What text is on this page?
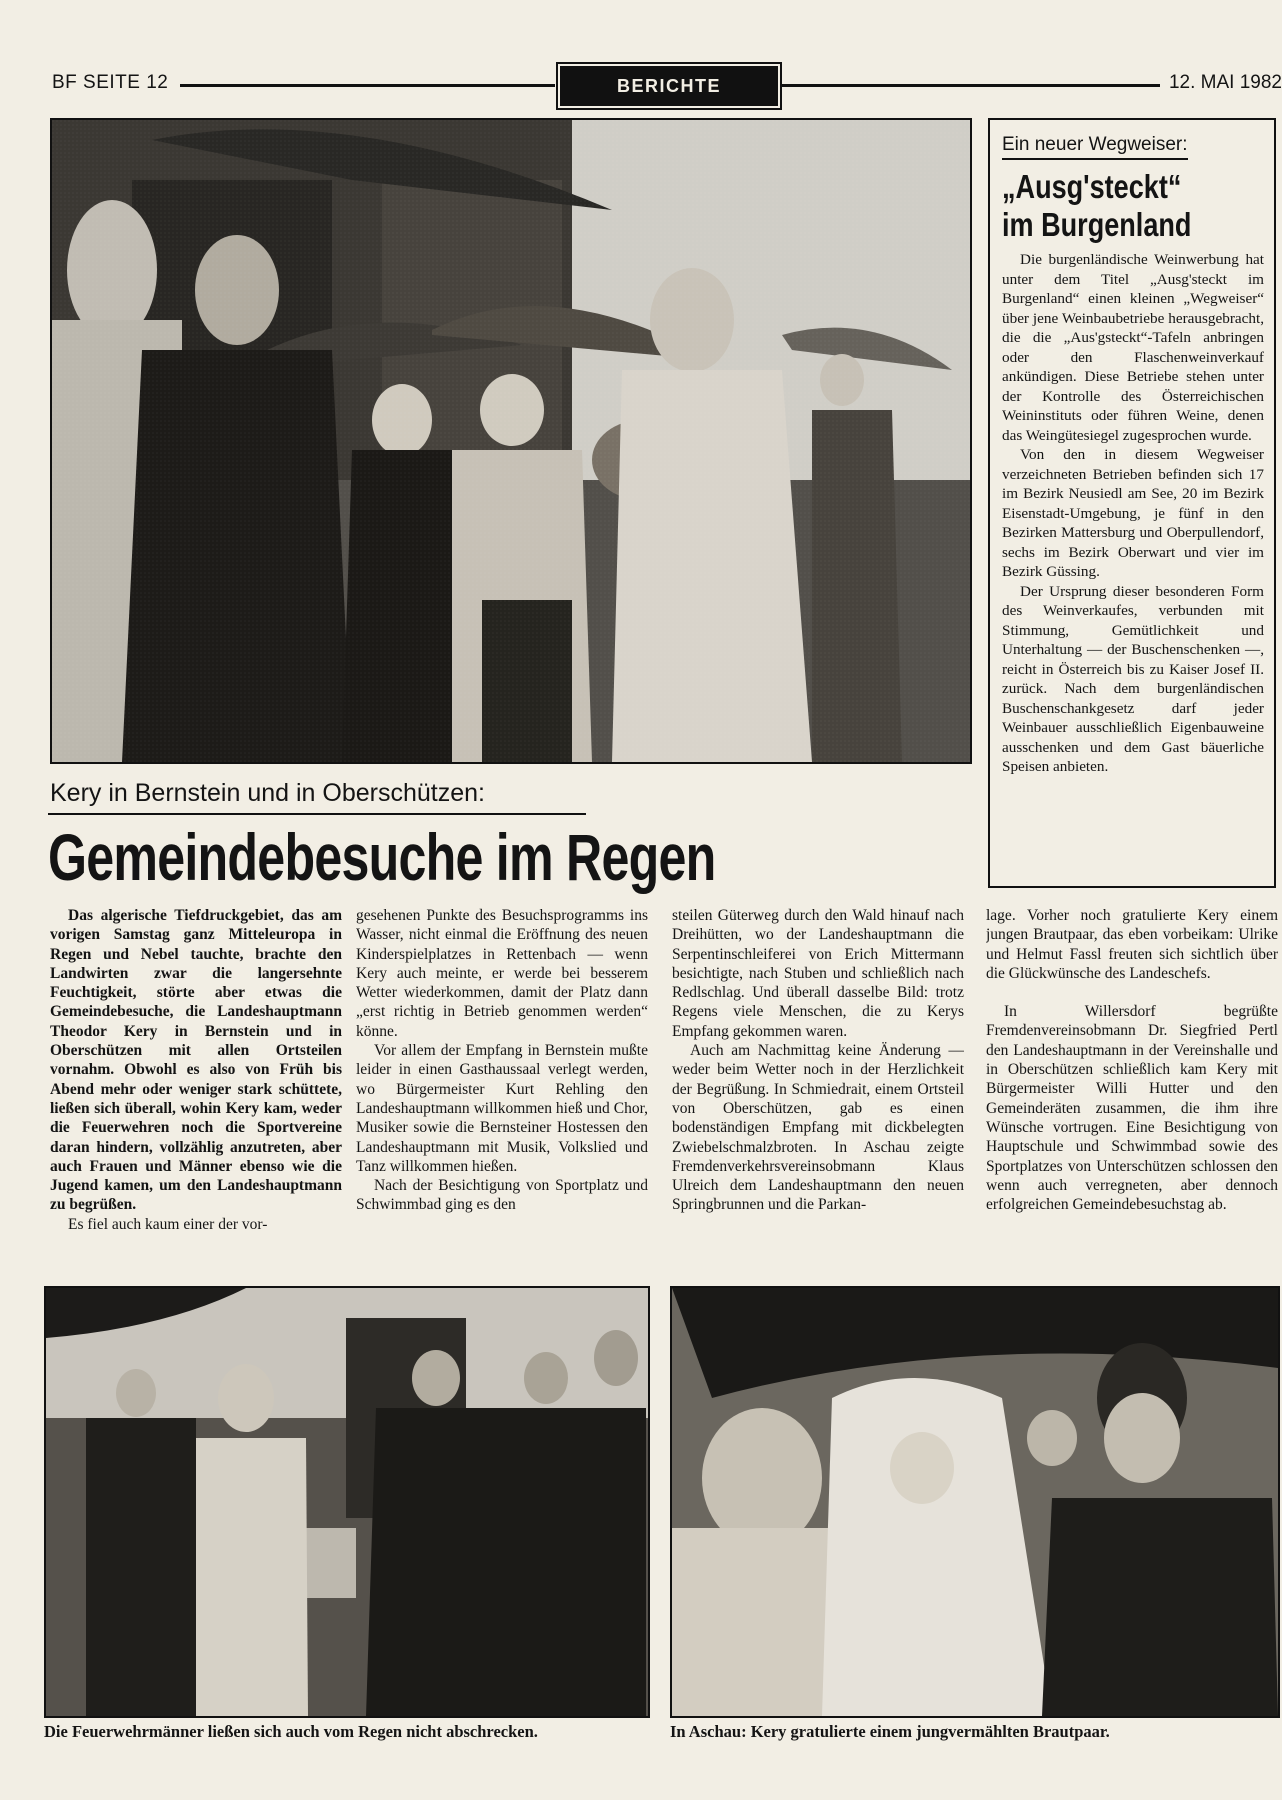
BF SEITE 12	BERICHTE	12. MAI 1982
Ein neuer Wegweiser:
„Ausg'steckt“
im Burgenland

Die burgenländische Weinwerbung hat unter dem Titel „Ausg'steckt im Burgenland“ einen kleinen „Wegweiser“ über jene Weinbaubetriebe herausgebracht, die die „Aus'gsteckt“-Tafeln anbringen oder den Flaschenweinverkauf ankündigen. Diese Betriebe stehen unter der Kontrolle des Österreichischen Weininstituts oder führen Weine, denen das Weingütesiegel zugesprochen wurde.

Von den in diesem Wegweiser verzeichneten Betrieben befinden sich 17 im Bezirk Neusiedl am See, 20 im Bezirk Eisenstadt-Umgebung, je fünf in den Bezirken Mattersburg und Oberpullendorf, sechs im Bezirk Oberwart und vier im Bezirk Güssing.

Der Ursprung dieser besonderen Form des Weinverkaufes, verbunden mit Stimmung, Gemütlichkeit und Unterhaltung — der Buschenschenken —, reicht in Österreich bis zu Kaiser Josef II. zurück. Nach dem burgenländischen Buschenschankgesetz darf jeder Weinbauer ausschließlich Eigenbauweine ausschenken und dem Gast bäuerliche Speisen anbieten.

Kery in Bernstein und in Oberschützen:
Gemeindebesuche im Regen

Das algerische Tiefdruckgebiet, das am vorigen Samstag ganz Mitteleuropa in Regen und Nebel tauchte, brachte den Landwirten zwar die langersehnte Feuchtigkeit, störte aber etwas die Gemeindebesuche, die Landeshauptmann Theodor Kery in Bernstein und in Oberschützen mit allen Ortsteilen vornahm. Obwohl es also von Früh bis Abend mehr oder weniger stark schüttete, ließen sich überall, wohin Kery kam, weder die Feuerwehren noch die Sportvereine daran hindern, vollzählig anzutreten, aber auch Frauen und Männer ebenso wie die Jugend kamen, um den Landeshauptmann zu begrüßen.

Es fiel auch kaum einer der vor-

gesehenen Punkte des Besuchsprogramms ins Wasser, nicht einmal die Eröffnung des neuen Kinderspielplatzes in Rettenbach — wenn Kery auch meinte, er werde bei besserem Wetter wiederkommen, damit der Platz dann „erst richtig in Betrieb genommen werden“ könne.

Vor allem der Empfang in Bernstein mußte leider in einen Gasthaussaal verlegt werden, wo Bürgermeister Kurt Rehling den Landeshauptmann willkommen hieß und Chor, Musiker sowie die Bernsteiner Hostessen den Landeshauptmann mit Musik, Volkslied und Tanz willkommen hießen.

Nach der Besichtigung von Sportplatz und Schwimmbad ging es den

steilen Güterweg durch den Wald hinauf nach Dreihütten, wo der Landeshauptmann die Serpentinschleiferei von Erich Mittermann besichtigte, nach Stuben und schließlich nach Redlschlag. Und überall dasselbe Bild: trotz Regens viele Menschen, die zu Kerys Empfang gekommen waren.

Auch am Nachmittag keine Änderung — weder beim Wetter noch in der Herzlichkeit der Begrüßung. In Schmiedrait, einem Ortsteil von Oberschützen, gab es einen bodenständigen Empfang mit dickbelegten Zwiebelschmalzbroten. In Aschau zeigte Fremdenverkehrsvereinsobmann Klaus Ulreich dem Landeshauptmann den neuen Springbrunnen und die Parkan-

lage. Vorher noch gratulierte Kery einem jungen Brautpaar, das eben vorbeikam: Ulrike und Helmut Fassl freuten sich sichtlich über die Glückwünsche des Landeschefs.

In Willersdorf begrüßte Fremdenvereinsobmann Dr. Siegfried Pertl den Landeshauptmann in der Vereinshalle und in Oberschützen schließlich kam Kery mit Bürgermeister Willi Hutter und den Gemeinderäten zusammen, die ihm ihre Wünsche vortrugen. Eine Besichtigung von Hauptschule und Schwimmbad sowie des Sportplatzes von Unterschützen schlossen den wenn auch verregneten, aber dennoch erfolgreichen Gemeindebesuchstag ab.

Die Feuerwehrmänner ließen sich auch vom Regen nicht abschrecken.	In Aschau: Kery gratulierte einem jungvermählten Brautpaar.
